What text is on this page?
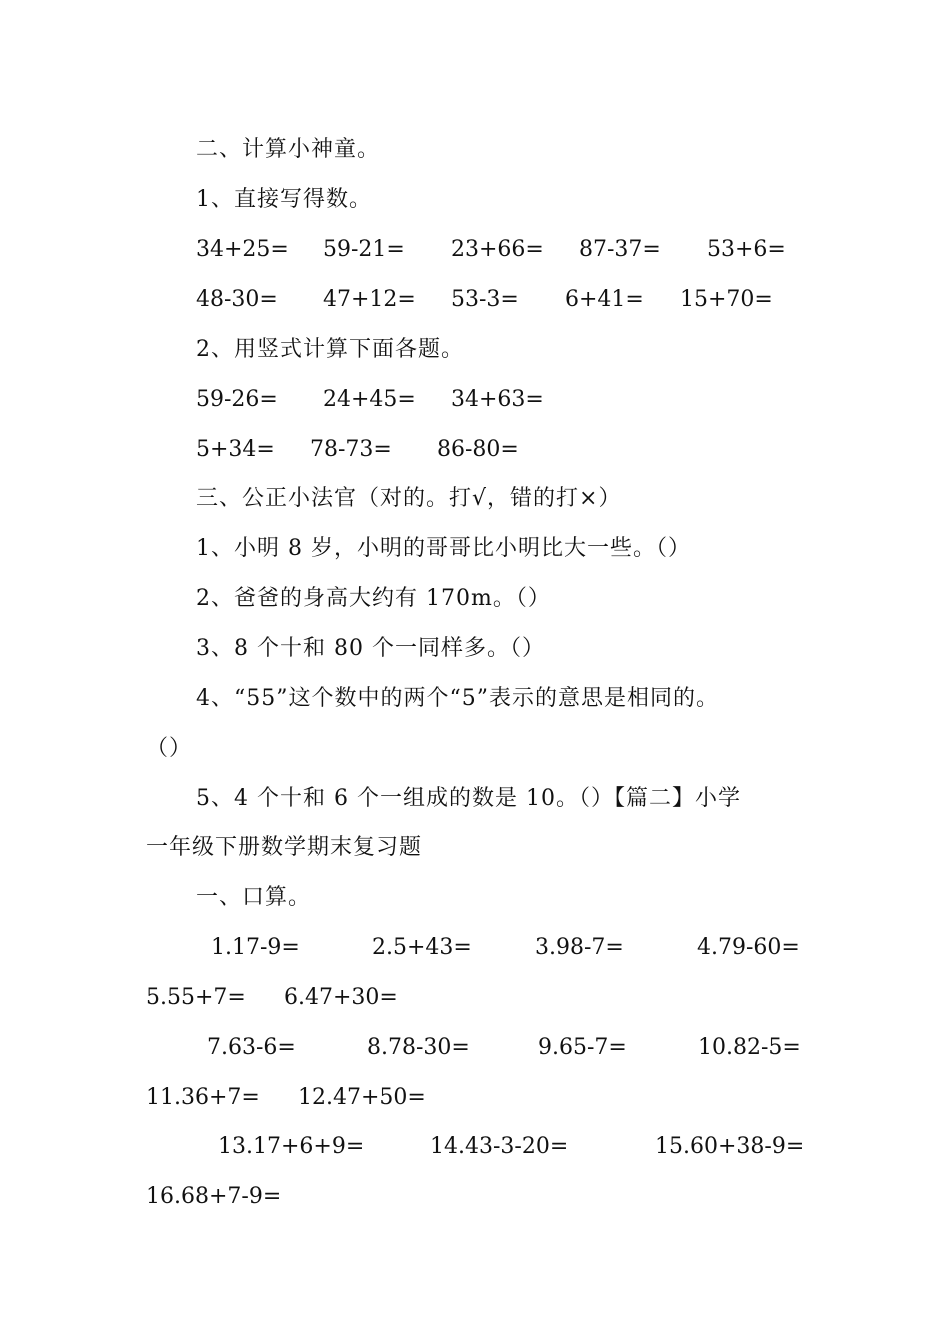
二、计算小神童。
1、直接写得数。
34+25= 59-21= 23+66= 87-37= 53+6=
48-30= 47+12= 53-3= 6+41= 15+70=
2、用竖式计算下面各题。
59-26= 24+45= 34+63=
5+34= 78-73= 86-80=
三、公正小法官（对的。打√，错的打×）
1、小明 8 岁，小明的哥哥比小明比大一些。（）
2、爸爸的身高大约有 170m。（）
3、8 个十和 80 个一同样多。（）
4、“55”这个数中的两个“5”表示的意思是相同的。
（）
5、4 个十和 6 个一组成的数是 10。（）【篇二】小学
一年级下册数学期末复习题
一、口算。
1.17-9=	2.5+43=	3.98-7=	4.79-60=
5.55+7= 6.47+30=
7.63-6=	8.78-30=	9.65-7=	10.82-5=
11.36+7= 12.47+50=
13.17+6+9=	14.43-3-20=	15.60+38-9=
16.68+7-9=
